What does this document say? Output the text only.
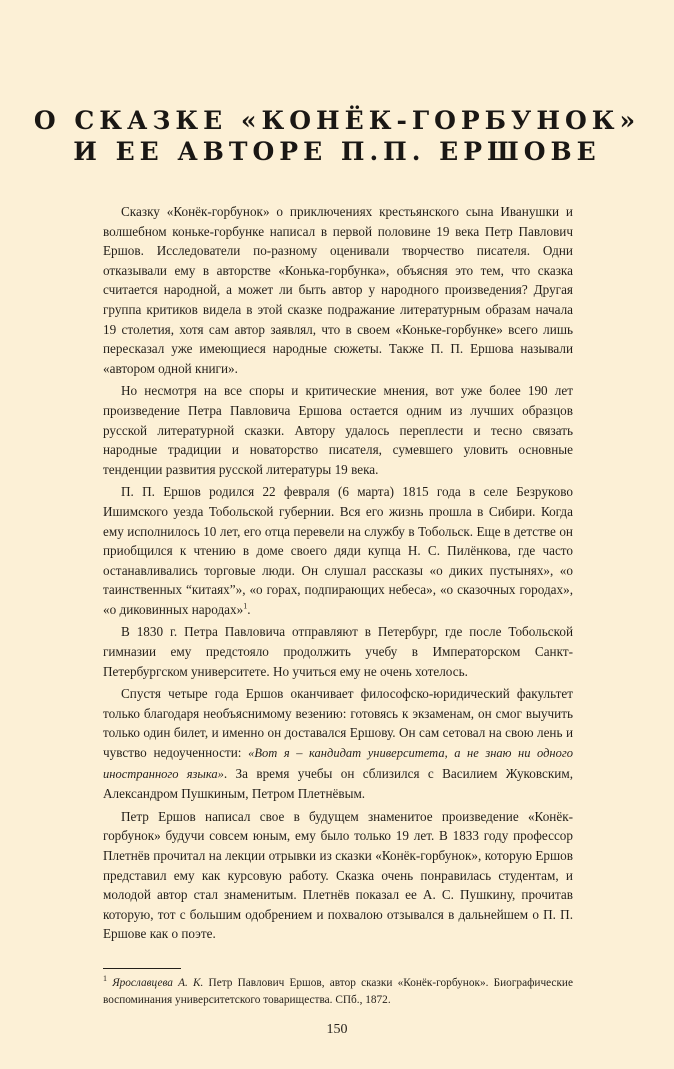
О СКАЗКЕ «КОНЁК-ГОРБУНОК»
И ЕЕ АВТОРЕ П.П. ЕРШОВЕ

Сказку «Конёк-горбунок» о приключениях крестьянского сына Иванушки и волшебном коньке-горбунке написал в первой половине 19 века Петр Павлович Ершов. Исследователи по-разному оценивали творчество писателя. Одни отказывали ему в авторстве «Конька-горбунка», объясняя это тем, что сказка считается народной, а может ли быть автор у народного произведения? Другая группа критиков видела в этой сказке подражание литературным образам начала 19 столетия, хотя сам автор заявлял, что в своем «Коньке-горбунке» всего лишь пересказал уже имеющиеся народные сюжеты. Также П. П. Ершова называли «автором одной книги».

Но несмотря на все споры и критические мнения, вот уже более 190 лет произведение Петра Павловича Ершова остается одним из лучших образцов русской литературной сказки. Автору удалось переплести и тесно связать народные традиции и новаторство писателя, сумевшего уловить основные тенденции развития русской литературы 19 века.

П. П. Ершов родился 22 февраля (6 марта) 1815 года в селе Безруково Ишимского уезда Тобольской губернии. Вся его жизнь прошла в Сибири. Когда ему исполнилось 10 лет, его отца перевели на службу в Тобольск. Еще в детстве он приобщился к чтению в доме своего дяди купца Н. С. Пилёнкова, где часто останавливались торговые люди. Он слушал рассказы «о диких пустынях», «о таинственных “китаях”», «о горах, подпирающих небеса», «о сказочных городах», «о диковинных народах»$^1$.

В 1830 г. Петра Павловича отправляют в Петербург, где после Тобольской гимназии ему предстояло продолжить учебу в Императорском Санкт-Петербургском университете. Но учиться ему не очень хотелось.

Спустя четыре года Ершов оканчивает философско-юридический факультет только благодаря необъяснимому везению: готовясь к экзаменам, он смог выучить только один билет, и именно он доставался Ершову. Он сам сетовал на свою лень и чувство недоученности: «Вот я – кандидат университета, а не знаю ни одного иностранного языка». За время учебы он сблизился с Василием Жуковским, Александром Пушкиным, Петром Плетнёвым.

Петр Ершов написал свое в будущем знаменитое произведение «Конёк-горбунок» будучи совсем юным, ему было только 19 лет. В 1833 году профессор Плетнёв прочитал на лекции отрывки из сказки «Конёк-горбунок», которую Ершов представил ему как курсовую работу. Сказка очень понравилась студентам, и молодой автор стал знаменитым. Плетнёв показал ее А. С. Пушкину, прочитав которую, тот с большим одобрением и похвалою отзывался в дальнейшем о П. П. Ершове как о поэте.

$^1$ Ярославцева А. К. Петр Павлович Ершов, автор сказки «Конёк-горбунок». Биографические воспоминания университетского товарищества. СПб., 1872.
150
